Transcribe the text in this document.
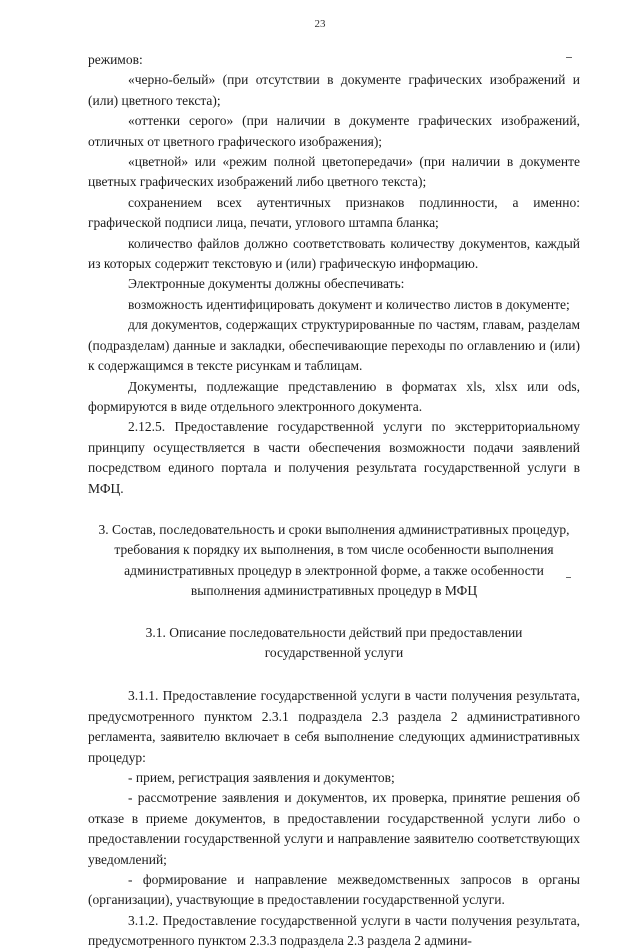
23

режимов:

«черно-белый» (при отсутствии в документе графических изображений и (или) цветного текста);

«оттенки серого» (при наличии в документе графических изображений, отличных от цветного графического изображения);

«цветной» или «режим полной цветопередачи» (при наличии в документе цветных графических изображений либо цветного текста);

сохранением всех аутентичных признаков подлинности, а именно: графической подписи лица, печати, углового штампа бланка;

количество файлов должно соответствовать количеству документов, каждый из которых содержит текстовую и (или) графическую информацию.

Электронные документы должны обеспечивать:

возможность идентифицировать документ и количество листов в документе;

для документов, содержащих структурированные по частям, главам, разделам (подразделам) данные и закладки, обеспечивающие переходы по оглавлению и (или) к содержащимся в тексте рисункам и таблицам.

Документы, подлежащие представлению в форматах xls, xlsx или ods, формируются в виде отдельного электронного документа.

2.12.5. Предоставление государственной услуги по экстерриториальному принципу осуществляется в части обеспечения возможности подачи заявлений посредством единого портала и получения результата государственной услуги в МФЦ.

3. Состав, последовательность и сроки выполнения административных процедур, требования к порядку их выполнения, в том числе особенности выполнения административных процедур в электронной форме, а также особенности выполнения административных процедур в МФЦ

3.1. Описание последовательности действий при предоставлении государственной услуги

3.1.1. Предоставление государственной услуги в части получения результата, предусмотренного пунктом 2.3.1 подраздела 2.3 раздела 2 административного регламента, заявителю включает в себя выполнение следующих административных процедур:

- прием, регистрация заявления и документов;

- рассмотрение заявления и документов, их проверка, принятие решения об отказе в приеме документов, в предоставлении государственной услуги либо о предоставлении государственной услуги и направление заявителю соответствующих уведомлений;

- формирование и направление межведомственных запросов в органы (организации), участвующие в предоставлении государственной услуги.

3.1.2. Предоставление государственной услуги в части получения результата, предусмотренного пунктом 2.3.3 подраздела 2.3 раздела 2 админи-
